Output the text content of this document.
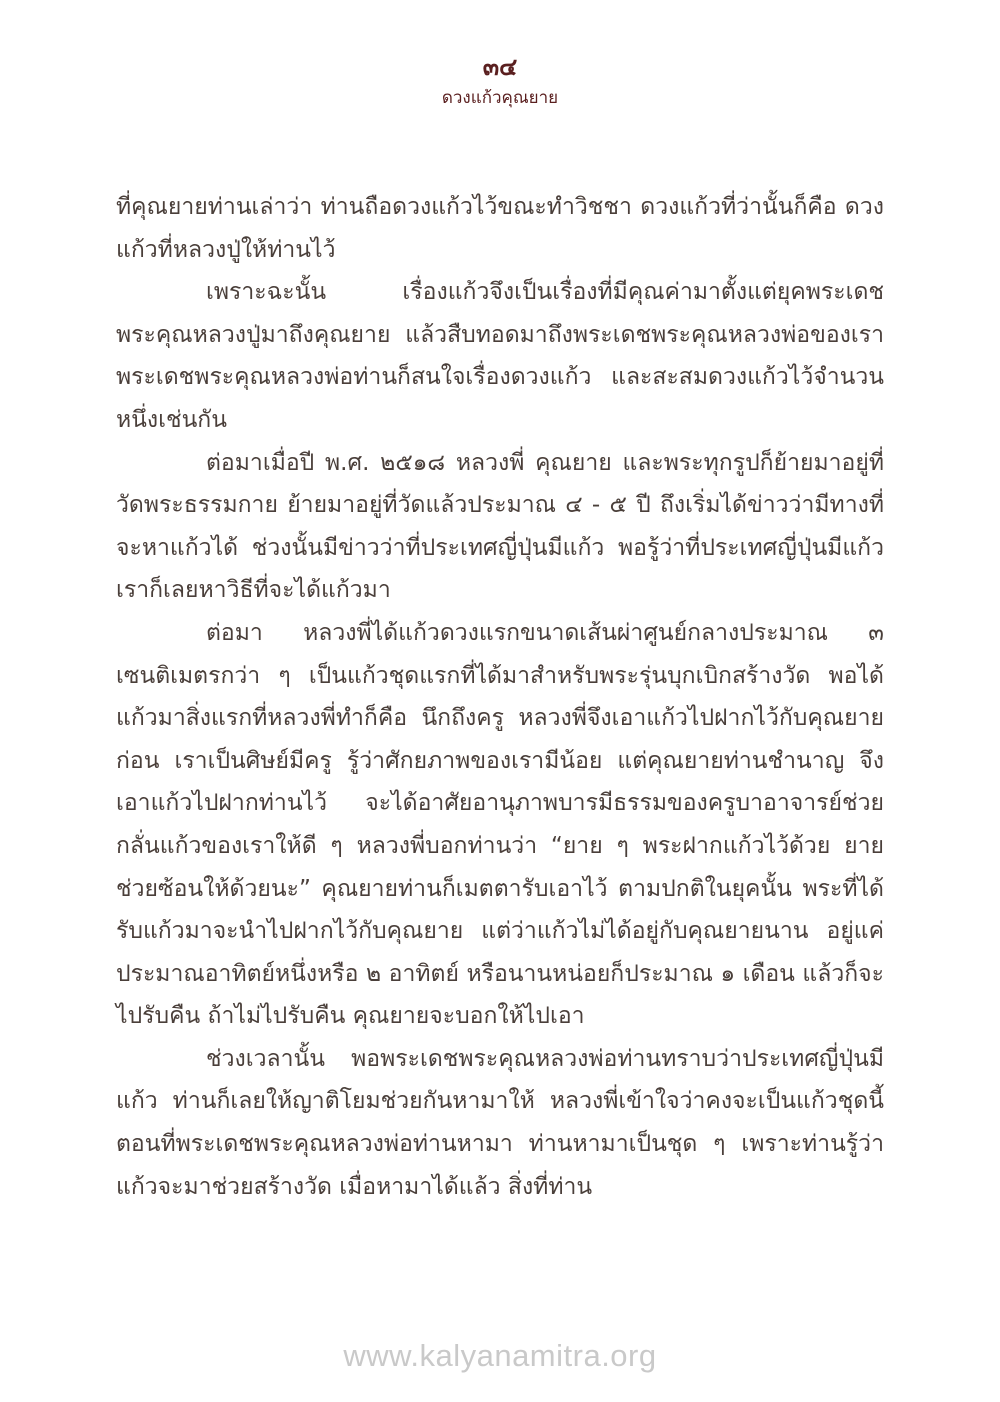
๓๔
ดวงแก้วคุณยาย

ที่คุณยายท่านเล่าว่า ท่านถือดวงแก้วไว้ขณะทำวิชชา ดวงแก้วที่ว่านั้นก็คือ ดวงแก้วที่หลวงปู่ให้ท่านไว้

เพราะฉะนั้น เรื่องแก้วจึงเป็นเรื่องที่มีคุณค่ามาตั้งแต่ยุคพระเดชพระคุณหลวงปู่มาถึงคุณยาย แล้วสืบทอดมาถึงพระเดชพระคุณหลวงพ่อของเรา พระเดชพระคุณหลวงพ่อท่านก็สนใจเรื่องดวงแก้ว และสะสมดวงแก้วไว้จำนวนหนึ่งเช่นกัน

ต่อมาเมื่อปี พ.ศ. ๒๕๑๘ หลวงพี่ คุณยาย และพระทุกรูปก็ย้ายมาอยู่ที่วัดพระธรรมกาย ย้ายมาอยู่ที่วัดแล้วประมาณ ๔ - ๕ ปี ถึงเริ่มได้ข่าวว่ามีทางที่จะหาแก้วได้ ช่วงนั้นมีข่าวว่าที่ประเทศญี่ปุ่นมีแก้ว พอรู้ว่าที่ประเทศญี่ปุ่นมีแก้ว เราก็เลยหาวิธีที่จะได้แก้วมา

ต่อมา หลวงพี่ได้แก้วดวงแรกขนาดเส้นผ่าศูนย์กลางประมาณ ๓ เซนติเมตรกว่า ๆ เป็นแก้วชุดแรกที่ได้มาสำหรับพระรุ่นบุกเบิกสร้างวัด พอได้แก้วมาสิ่งแรกที่หลวงพี่ทำก็คือ นึกถึงครู หลวงพี่จึงเอาแก้วไปฝากไว้กับคุณยายก่อน เราเป็นศิษย์มีครู รู้ว่าศักยภาพของเรามีน้อย แต่คุณยายท่านชำนาญ จึงเอาแก้วไปฝากท่านไว้ จะได้อาศัยอานุภาพบารมีธรรมของครูบาอาจารย์ช่วยกลั่นแก้วของเราให้ดี ๆ หลวงพี่บอกท่านว่า “ยาย ๆ พระฝากแก้วไว้ด้วย ยายช่วยซ้อนให้ด้วยนะ” คุณยายท่านก็เมตตารับเอาไว้ ตามปกติในยุคนั้น พระที่ได้รับแก้วมาจะนำไปฝากไว้กับคุณยาย แต่ว่าแก้วไม่ได้อยู่กับคุณยายนาน อยู่แค่ประมาณอาทิตย์หนึ่งหรือ ๒ อาทิตย์ หรือนานหน่อยก็ประมาณ ๑ เดือน แล้วก็จะไปรับคืน ถ้าไม่ไปรับคืน คุณยายจะบอกให้ไปเอา

ช่วงเวลานั้น พอพระเดชพระคุณหลวงพ่อท่านทราบว่าประเทศญี่ปุ่นมีแก้ว ท่านก็เลยให้ญาติโยมช่วยกันหามาให้ หลวงพี่เข้าใจว่าคงจะเป็นแก้วชุดนี้ ตอนที่พระเดชพระคุณหลวงพ่อท่านหามา ท่านหามาเป็นชุด ๆ เพราะท่านรู้ว่าแก้วจะมาช่วยสร้างวัด เมื่อหามาได้แล้ว สิ่งที่ท่าน

www.kalyanamitra.org
